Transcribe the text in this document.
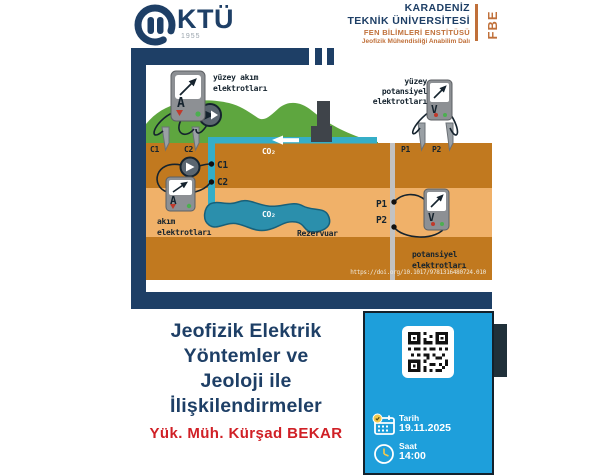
KTÜ
1955
KARADENİZ
TEKNİK ÜNİVERSİTESİ
FEN BİLİMLERİ ENSTİTÜSÜ
Jeofizik Mühendisliği Anabilim Dalı
FBE
yüzey akım
elektrotları
yüzey
potansiyel
elektrotları
C1	C2	CO₂	P1	P2
C1
C2
akım
elektrotları
CO₂
Rezervuar
P1
P2
potansiyel
elektrotları
https://doi.org/10.1017/9781316480724.010
A
A
V
V
Jeofizik Elektrik
Yöntemler ve
Jeoloji ile
İlişkilendirmeler
Yük. Müh. Kürşad BEKAR
Tarih
19.11.2025
Saat
14:00
